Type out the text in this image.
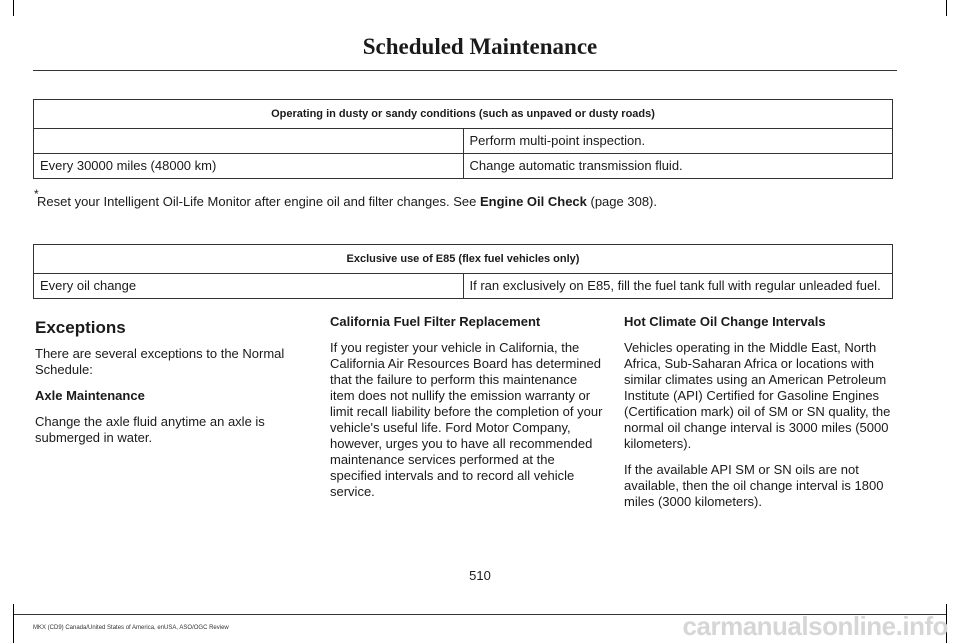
Scheduled Maintenance
Operating in dusty or sandy conditions (such as unpaved or dusty roads)	
	Perform multi-point inspection.
Every 30000 miles (48000 km)	Change automatic transmission fluid.
*
Reset your Intelligent Oil-Life Monitor after engine oil and filter changes. See Engine Oil Check (page 308).
Exclusive use of E85 (flex fuel vehicles only)
Every oil change	If ran exclusively on E85, fill the fuel tank full with regular unleaded fuel.
Exceptions

There are several exceptions to the Normal Schedule:

Axle Maintenance

Change the axle fluid anytime an axle is submerged in water.

California Fuel Filter Replacement

If you register your vehicle in California, the California Air Resources Board has determined that the failure to perform this maintenance item does not nullify the emission warranty or limit recall liability before the completion of your vehicle's useful life. Ford Motor Company, however, urges you to have all recommended maintenance services performed at the specified intervals and to record all vehicle service.

Hot Climate Oil Change Intervals

Vehicles operating in the Middle East, North Africa, Sub-Saharan Africa or locations with similar climates using an American Petroleum Institute (API) Certified for Gasoline Engines (Certification mark) oil of SM or SN quality, the normal oil change interval is 3000 miles (5000 kilometers).

If the available API SM or SN oils are not available, then the oil change interval is 1800 miles (3000 kilometers).

510
MKX (CD9) Canada/United States of America, enUSA, ASO/OGC Review	carmanualsonline.info
